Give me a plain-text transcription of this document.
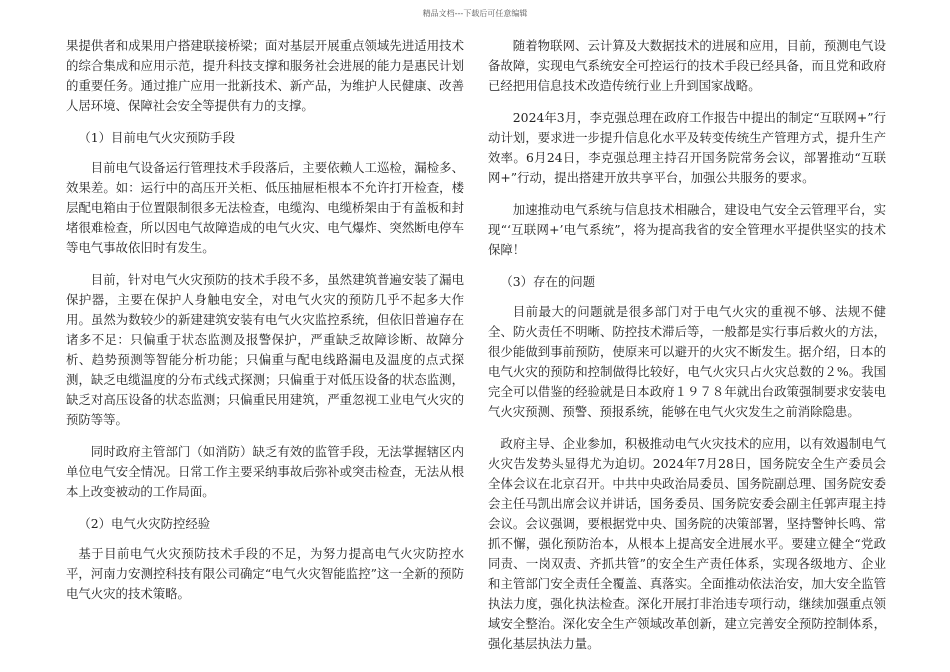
精品文档---下载后可任意编辑

果提供者和成果用户搭建联接桥梁；面对基层开展重点领域先进适用技术的综合集成和应用示范，提升科技支撑和服务社会进展的能力是惠民计划的重要任务。通过推广应用一批新技术、新产品，为维护人民健康、改善人居环境、保障社会安全等提供有力的支撑。

（1）目前电气火灾预防手段

目前电气设备运行管理技术手段落后，主要依赖人工巡检，漏检多、效果差。如：运行中的高压开关柜、低压抽屉柜根本不允许打开检查，楼层配电箱由于位置限制很多无法检查，电缆沟、电缆桥架由于有盖板和封堵很难检查，所以因电气故障造成的电气火灾、电气爆炸、突然断电停车等电气事故依旧时有发生。

目前，针对电气火灾预防的技术手段不多，虽然建筑普遍安装了漏电保护器，主要在保护人身触电安全，对电气火灾的预防几乎不起多大作用。虽然为数较少的新建建筑安装有电气火灾监控系统，但依旧普遍存在诸多不足：只偏重于状态监测及报警保护，严重缺乏故障诊断、故障分析、趋势预测等智能分析功能；只偏重与配电线路漏电及温度的点式探测，缺乏电缆温度的分布式线式探测；只偏重于对低压设备的状态监测，缺乏对高压设备的状态监测；只偏重民用建筑，严重忽视工业电气火灾的预防等等。

同时政府主管部门（如消防）缺乏有效的监管手段，无法掌握辖区内单位电气安全情况。日常工作主要采纳事故后弥补或突击检查，无法从根本上改变被动的工作局面。

（2）电气火灾防控经验

基于目前电气火灾预防技术手段的不足，为努力提高电气火灾防控水平，河南力安测控科技有限公司确定“电气火灾智能监控”这一全新的预防电气火灾的技术策略。

随着物联网、云计算及大数据技术的进展和应用，目前，预测电气设备故障，实现电气系统安全可控运行的技术手段已经具备，而且党和政府已经把用信息技术改造传统行业上升到国家战略。

2024年3月，李克强总理在政府工作报告中提出的制定“互联网+”行动计划，要求进一步提升信息化水平及转变传统生产管理方式，提升生产效率。6月24日，李克强总理主持召开国务院常务会议，部署推动“互联网+”行动，提出搭建开放共享平台，加强公共服务的要求。

加速推动电气系统与信息技术相融合，建设电气安全云管理平台，实现“‘互联网+’电气系统”，将为提高我省的安全管理水平提供坚实的技术保障！

（3）存在的问题

目前最大的问题就是很多部门对于电气火灾的重视不够、法规不健全、防火责任不明晰、防控技术滞后等，一般都是实行事后救火的方法，很少能做到事前预防，使原来可以避开的火灾不断发生。据介绍，日本的电气火灾的预防和控制做得比较好，电气火灾只占火灾总数的２%。我国完全可以借鉴的经验就是日本政府１９７８年就出台政策强制要求安装电气火灾预测、预警、预报系统，能够在电气火灾发生之前消除隐患。

政府主导、企业参加，积极推动电气火灾技术的应用，以有效遏制电气火灾告发势头显得尤为迫切。2024年7月28日，国务院安全生产委员会全体会议在北京召开。中共中央政治局委员、国务院副总理、国务院安委会主任马凯出席会议并讲话，国务委员、国务院安委会副主任郭声琨主持会议。会议强调，要根据党中央、国务院的决策部署，坚持警钟长鸣、常抓不懈，强化预防治本，从根本上提高安全进展水平。要建立健全“党政同责、一岗双责、齐抓共管”的安全生产责任体系，实现各级地方、企业和主管部门安全责任全覆盖、真落实。全面推动依法治安，加大安全监管执法力度，强化执法检查。深化开展打非治违专项行动，继续加强重点领域安全整治。深化安全生产领域改革创新，建立完善安全预防控制体系，强化基层执法力量。
